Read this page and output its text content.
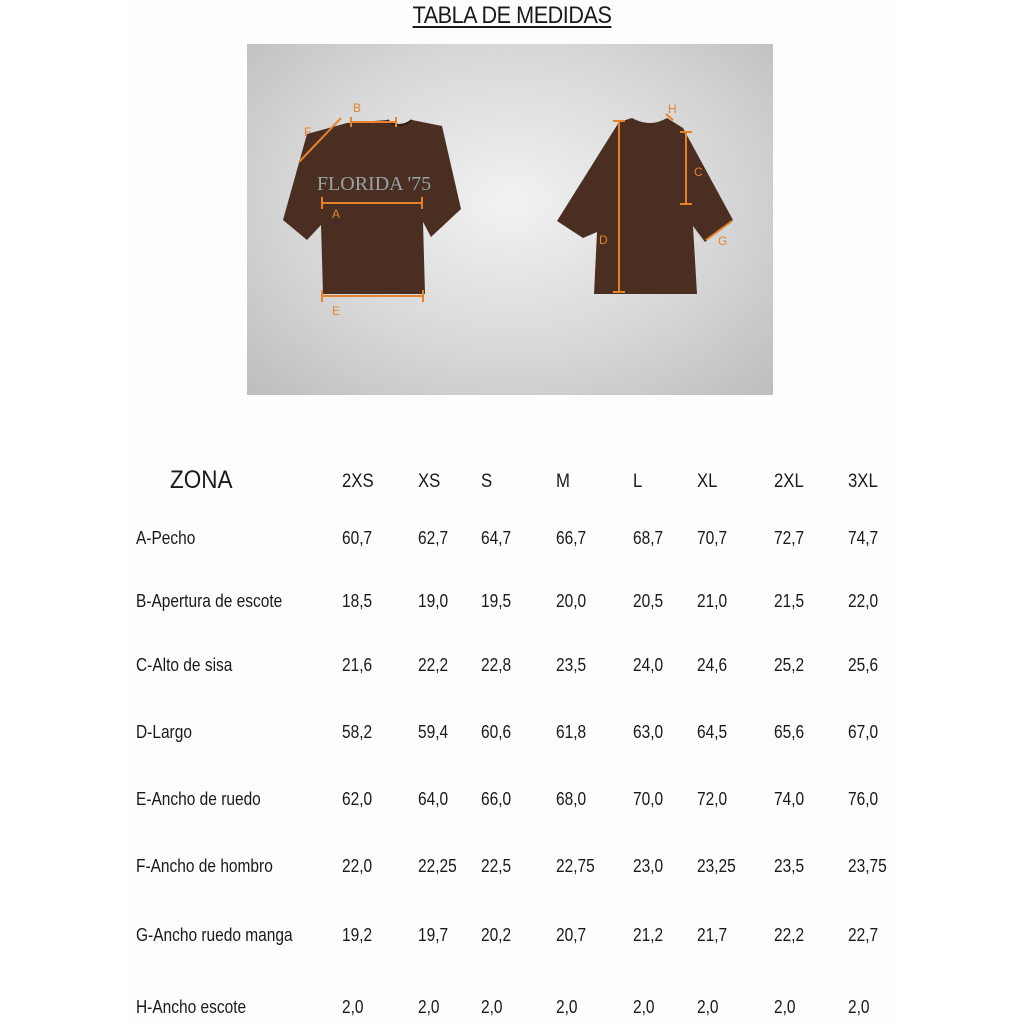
TABLA DE MEDIDAS
FLORIDA '75
A
B
C
D
E
F
G
H
ZONA	2XS XS S	M	L	XL	2XL 3XL
A-Pecho	60,7	62,7 64,7 66,7	68,7 70,7	72,7 74,7
B-Apertura de escote	18,5	19,0 19,5 20,0	20,5 21,0	21,5 22,0
C-Alto de sisa	21,6	22,2 22,8 23,5	24,0 24,6	25,2 25,6
D-Largo	58,2	59,4 60,6 61,8	63,0 64,5	65,6 67,0
E-Ancho de ruedo	62,0	64,0 66,0 68,0	70,0 72,0	74,0 76,0
F-Ancho de hombro	22,0	22,25 22,5 22,75 23,0 23,25 23,5 23,75
G-Ancho ruedo manga	19,2	19,7 20,2 20,7	21,2 21,7	22,2 22,7
H-Ancho escote	2,0	2,0 2,0	2,0	2,0 2,0	2,0	2,0
